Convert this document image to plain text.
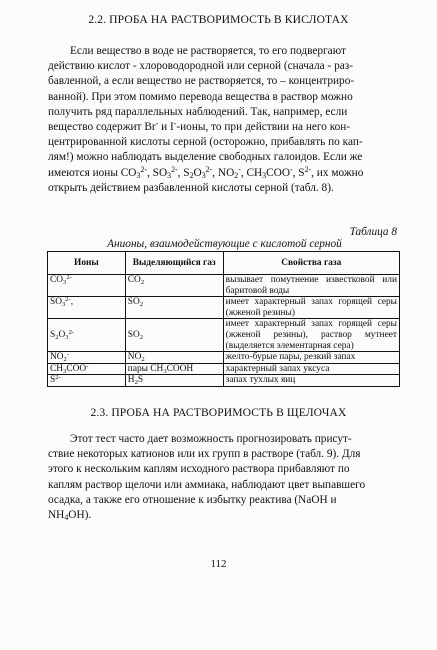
2.2. ПРОБА НА РАСТВОРИМОСТЬ В КИСЛОТАХ
Если вещество в воде не растворяется, то его подвергают
действию кислот - хлороводородной или серной (сначала - раз-
бавленной, а если вещество не растворяется, то – концентриро-
ванной). При этом помимо перевода вещества в раствор можно
получить ряд параллельных наблюдений. Так, например, если
вещество содержит Br- и I--ионы, то при действии на него кон-
центрированной кислоты серной (осторожно, прибавлять по кап-
лям!) можно наблюдать выделение свободных галоидов. Если же
имеются ионы $CO_3^{2-}$, $SO_3^{2-}$, $S_2O_3^{2-}$, $NO_2^-$, $CH_3COO^-$, $S^{2-}$, их можно
открыть действием разбавленной кислоты серной (табл. 8).
Таблица 8
Анионы, взаимодействующие с кислотой серной
Ионы	Выделяющийся газ	Свойства газа
$CO_3^{2-}$	$CO_2$	вызывает помутнение известковой или баритовой воды
$SO_3^{2-}$,	$SO_2$	имеет характерный запах горящей серы (жженой резины)
$S_2O_3^{2-}$	$SO_2$	имеет характерный запах горящей серы (жженой резины), раствор мутнеет (выделяется элементарная сера)
$NO_2^-$	$NO_2$	желто-бурые пары, резкий запах
$CH_3COO^-$	пары $CH_3COOH$	характерный запах уксуса
$S^{2-}$	$H_2S$	запах тухлых яиц
2.3. ПРОБА НА РАСТВОРИМОСТЬ В ЩЕЛОЧАХ
Этот тест часто дает возможность прогнозировать присут-
ствие некоторых катионов или их групп в растворе (табл. 9). Для
этого к нескольким каплям исходного раствора прибавляют по
каплям раствор щелочи или аммиака, наблюдают цвет выпавшего
осадка, а также его отношение к избытку реактива (NaOH и
$NH_4OH$).
112
